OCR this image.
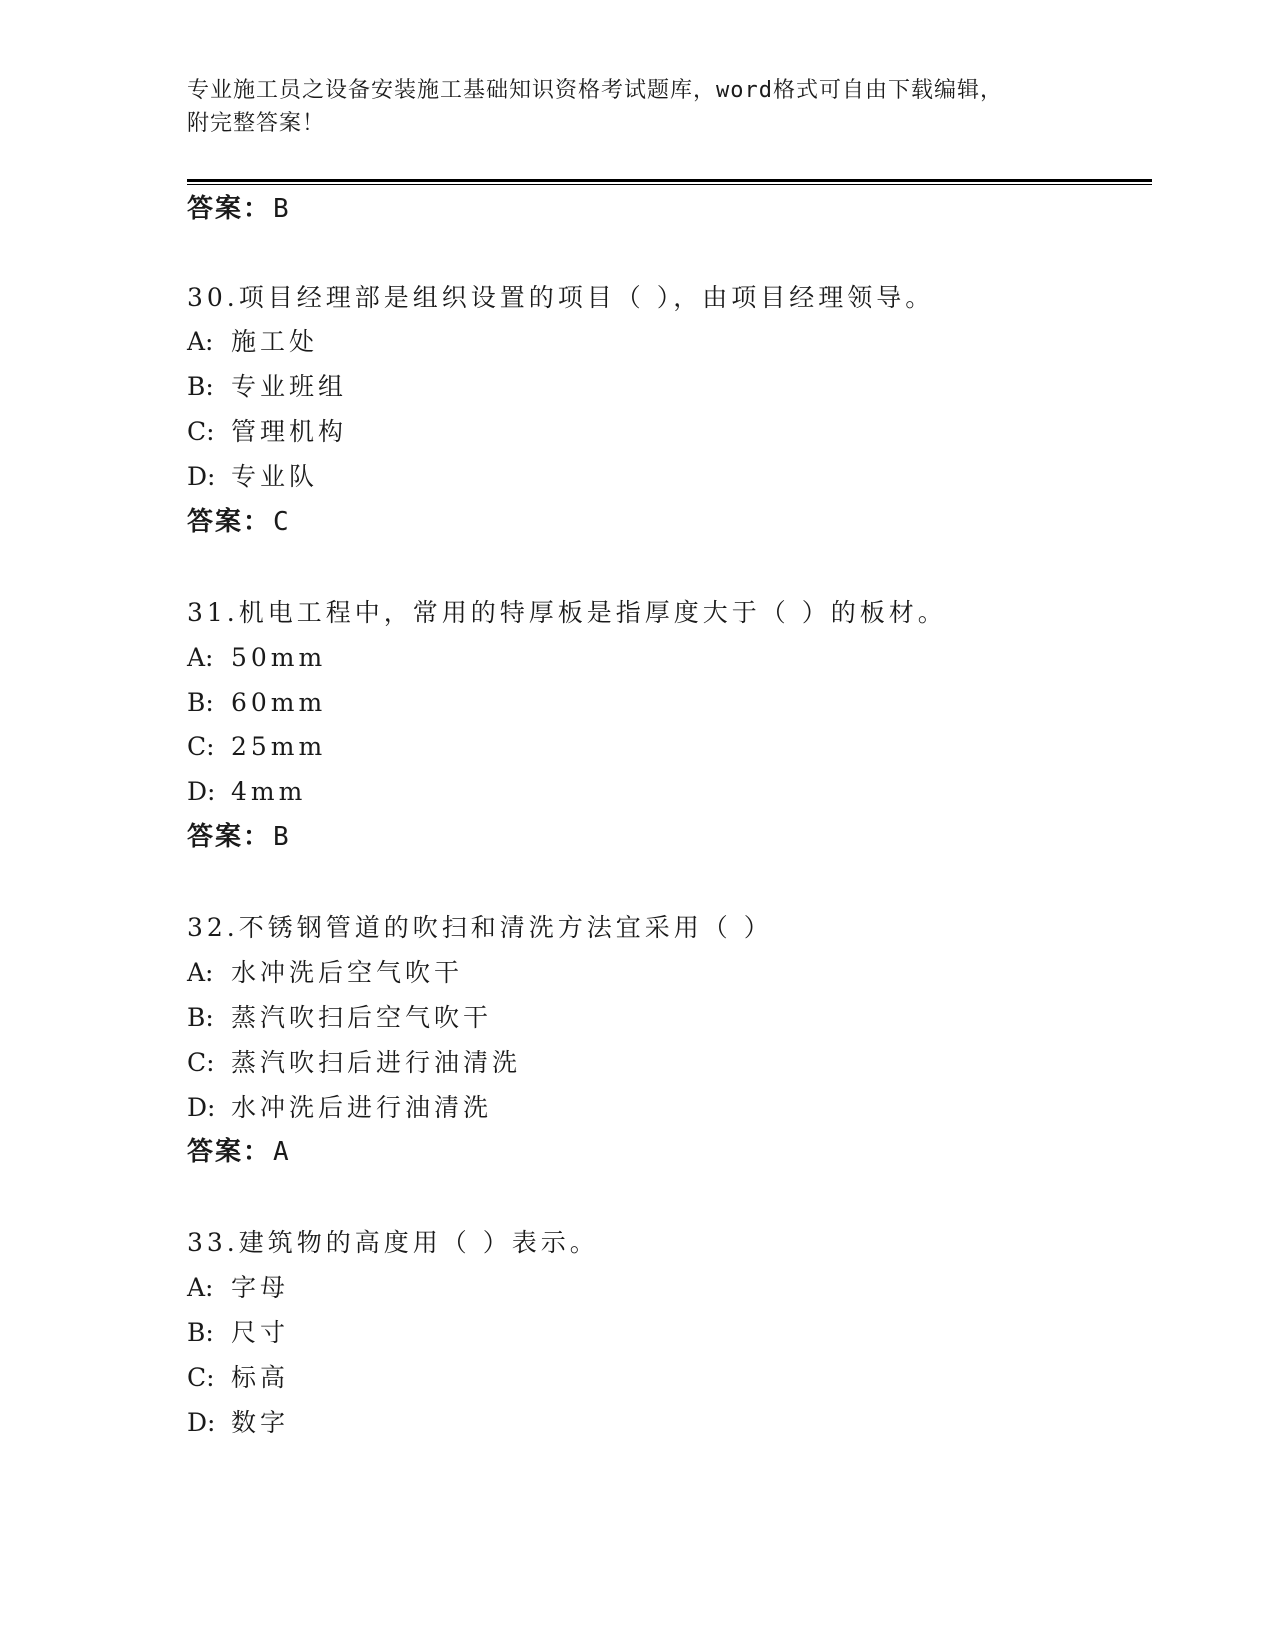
专业施工员之设备安装施工基础知识资格考试题库，word格式可自由下载编辑，
附完整答案！
答案：B
30.项目经理部是组织设置的项目（ ），由项目经理领导。
A: 施工处
B: 专业班组
C: 管理机构
D: 专业队
答案：C
31.机电工程中，常用的特厚板是指厚度大于（ ）的板材。
A: 50mm
B: 60mm
C: 25mm
D: 4mm
答案：B
32.不锈钢管道的吹扫和清洗方法宜采用（ ）
A: 水冲洗后空气吹干
B: 蒸汽吹扫后空气吹干
C: 蒸汽吹扫后进行油清洗
D: 水冲洗后进行油清洗
答案：A
33.建筑物的高度用（ ）表示。
A: 字母
B: 尺寸
C: 标高
D: 数字
